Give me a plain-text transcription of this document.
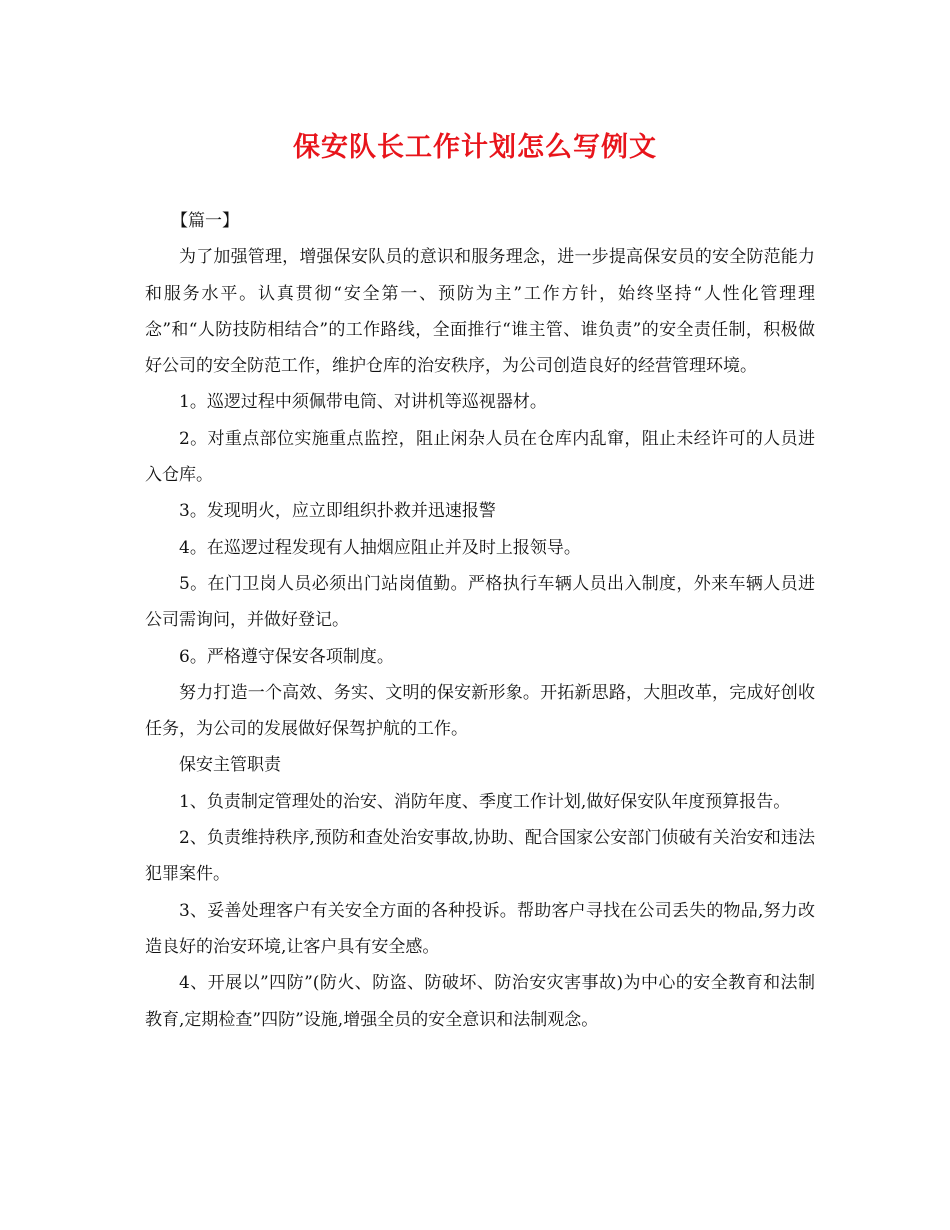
保安队长工作计划怎么写例文

【篇一】

为了加强管理，增强保安队员的意识和服务理念，进一步提高保安员的安全防范能力和服务水平。认真贯彻“安全第一、预防为主”工作方针，始终坚持“人性化管理理念”和“人防技防相结合”的工作路线，全面推行“谁主管、谁负责”的安全责任制，积极做好公司的安全防范工作，维护仓库的治安秩序，为公司创造良好的经营管理环境。

1。巡逻过程中须佩带电筒、对讲机等巡视器材。

2。对重点部位实施重点监控，阻止闲杂人员在仓库内乱窜，阻止未经许可的人员进入仓库。

3。发现明火，应立即组织扑救并迅速报警

4。在巡逻过程发现有人抽烟应阻止并及时上报领导。

5。在门卫岗人员必须出门站岗值勤。严格执行车辆人员出入制度，外来车辆人员进公司需询问，并做好登记。

6。严格遵守保安各项制度。

努力打造一个高效、务实、文明的保安新形象。开拓新思路，大胆改革，完成好创收任务，为公司的发展做好保驾护航的工作。

保安主管职责

1、负责制定管理处的治安、消防年度、季度工作计划,做好保安队年度预算报告。

2、负责维持秩序,预防和查处治安事故,协助、配合国家公安部门侦破有关治安和违法犯罪案件。

3、妥善处理客户有关安全方面的各种投诉。帮助客户寻找在公司丢失的物品,努力改造良好的治安环境,让客户具有安全感。

4、开展以”四防”(防火、防盗、防破坏、防治安灾害事故)为中心的安全教育和法制教育,定期检查”四防”设施,增强全员的安全意识和法制观念。
